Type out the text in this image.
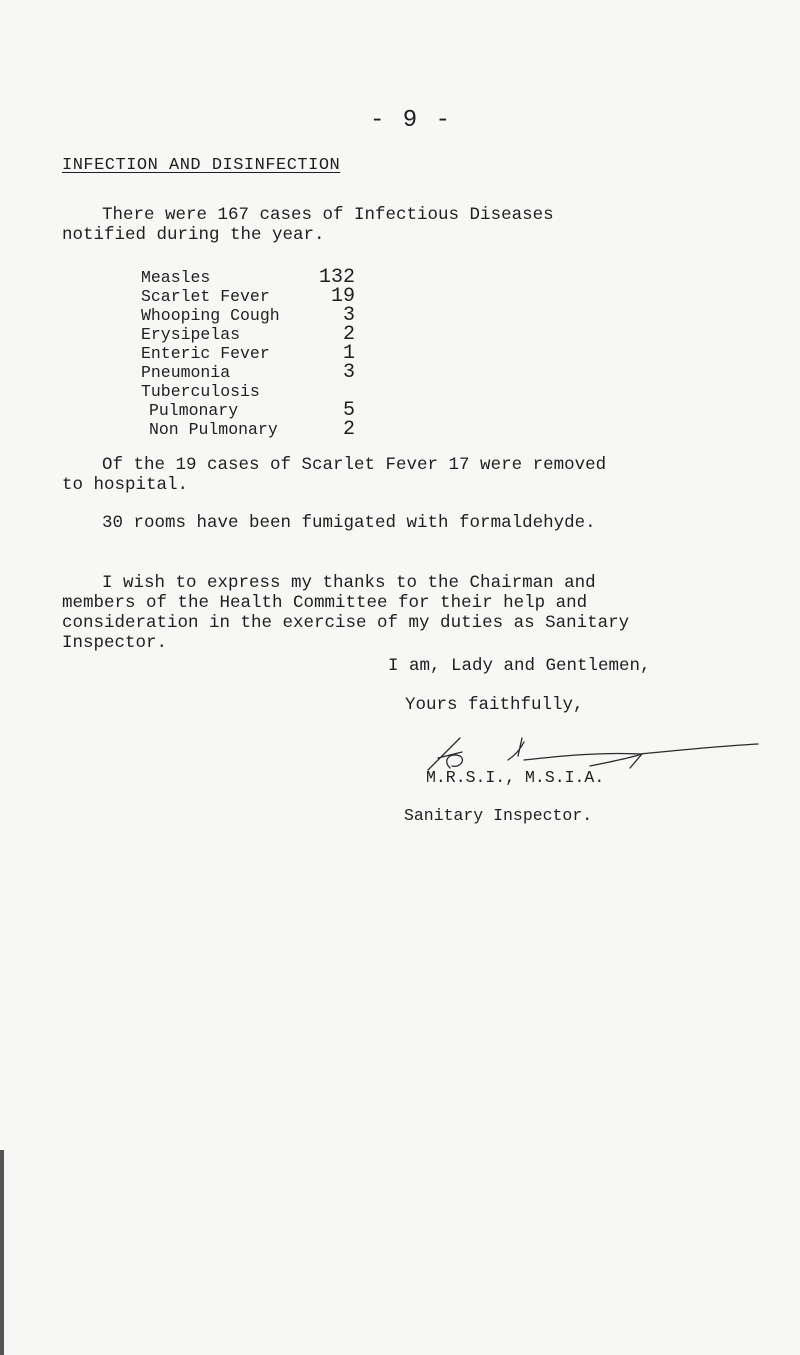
- 9 -
INFECTION AND DISINFECTION
There were 167 cases of Infectious Diseases
notified during the year.
Measles	132
Scarlet Fever	19
Whooping Cough	3
Erysipelas	2
Enteric Fever	1
Pneumonia	3
Tuberculosis
Pulmonary	5
Non Pulmonary	2
Of the 19 cases of Scarlet Fever 17 were removed
to hospital.
30 rooms have been fumigated with formaldehyde.
I wish to express my thanks to the Chairman and
members of the Health Committee for their help and
consideration in the exercise of my duties as Sanitary
Inspector.
I am, Lady and Gentlemen,
Yours faithfully,
M.R.S.I., M.S.I.A.
Sanitary Inspector.
